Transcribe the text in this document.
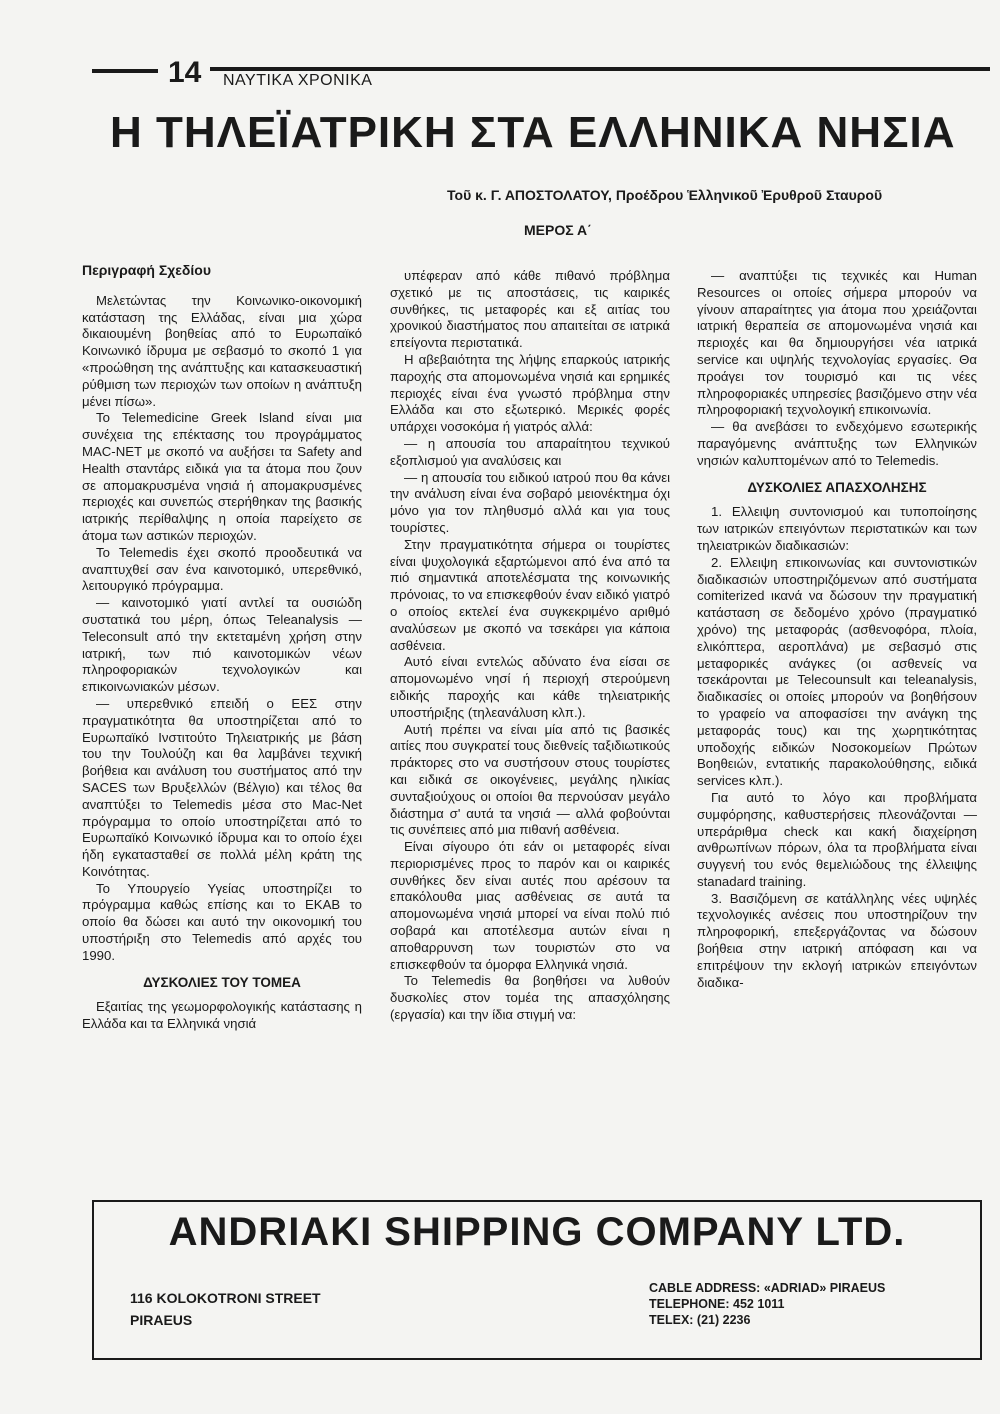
14 ΝΑΥΤΙΚΑ ΧΡΟΝΙΚΑ
Η ΤΗΛΕΪΑΤΡΙΚΗ ΣΤΑ ΕΛΛΗΝΙΚΑ ΝΗΣΙΑ
Τοῦ κ. Γ. ΑΠΟΣΤΟΛΑΤΟΥ, Προέδρου Ἑλληνικοῦ Ἐρυθροῦ Σταυροῦ
ΜΕΡΟΣ Α΄
Περιγραφή Σχεδίου

Μελετώντας την Κοινωνικο-οικονομική κατάσταση της Ελλάδας, είναι μια χώρα δικαιουμένη βοηθείας από το Ευρωπαϊκό Κοινωνικό ίδρυμα με σεβασμό το σκοπό 1 για «προώθηση της ανάπτυξης και κατασκευαστική ρύθμιση των περιοχών των οποίων η ανάπτυξη μένει πίσω».

Το Telemedicine Greek Island είναι μια συνέχεια της επέκτασης του προγράμματος MAC-NET με σκοπό να αυξήσει τα Safety and Health σταντάρς ειδικά για τα άτομα που ζουν σε απομακρυσμένα νησιά ή απομακρυσμένες περιοχές και συνεπώς στερήθηκαν της βασικής ιατρικής περίθαλψης η οποία παρείχετο σε άτομα των αστικών περιοχών.

Το Telemedis έχει σκοπό προοδευτικά να αναπτυχθεί σαν ένα καινοτομικό, υπερεθνικό, λειτουργικό πρόγραμμα.

— καινοτομικό γιατί αντλεί τα ουσιώδη συστατικά του μέρη, όπως Teleanalysis — Teleconsult από την εκτεταμένη χρήση στην ιατρική, των πιό καινοτομικών νέων πληροφοριακών τεχνολογικών και επικοινωνιακών μέσων.

— υπερεθνικό επειδή ο ΕΕΣ στην πραγματικότητα θα υποστηρίζεται από το Ευρωπαϊκό Ινστιτούτο Τηλειατρικής με βάση του την Τουλούζη και θα λαμβάνει τεχνική βοήθεια και ανάλυση του συστήματος από την SACES των Βρυξελλών (Βέλγιο) και τέλος θα αναπτύξει το Telemedis μέσα στο Mac-Net πρόγραμμα το οποίο υποστηρίζεται από το Ευρωπαϊκό Κοινωνικό ίδρυμα και το οποίο έχει ήδη εγκατασταθεί σε πολλά μέλη κράτη της Κοινότητας.

Το Υπουργείο Υγείας υποστηρίζει το πρόγραμμα καθώς επίσης και το ΕΚΑΒ το οποίο θα δώσει και αυτό την οικονομική του υποστήριξη στο Telemedis από αρχές του 1990.

ΔΥΣΚΟΛΙΕΣ ΤΟΥ ΤΟΜΕΑ

Εξαιτίας της γεωμορφολογικής κατάστασης η Ελλάδα και τα Ελληνικά νησιά

υπέφεραν από κάθε πιθανό πρόβλημα σχετικό με τις αποστάσεις, τις καιρικές συνθήκες, τις μεταφορές και εξ αιτίας του χρονικού διαστήματος που απαιτείται σε ιατρικά επείγοντα περιστατικά.

Η αβεβαιότητα της λήψης επαρκούς ιατρικής παροχής στα απομονωμένα νησιά και ερημικές περιοχές είναι ένα γνωστό πρόβλημα στην Ελλάδα και στο εξωτερικό. Μερικές φορές υπάρχει νοσοκόμα ή γιατρός αλλά:

— η απουσία του απαραίτητου τεχνικού εξοπλισμού για αναλύσεις και

— η απουσία του ειδικού ιατρού που θα κάνει την ανάλυση είναι ένα σοβαρό μειονέκτημα όχι μόνο για τον πληθυσμό αλλά και για τους τουρίστες.

Στην πραγματικότητα σήμερα οι τουρίστες είναι ψυχολογικά εξαρτώμενοι από ένα από τα πιό σημαντικά αποτελέσματα της κοινωνικής πρόνοιας, το να επισκεφθούν έναν ειδικό γιατρό ο οποίος εκτελεί ένα συγκεκριμένο αριθμό αναλύσεων με σκοπό να τσεκάρει για κάποια ασθένεια.

Αυτό είναι εντελώς αδύνατο ένα είσαι σε απομονωμένο νησί ή περιοχή στερούμενη ειδικής παροχής και κάθε τηλειατρικής υποστήριξης (τηλεανάλυση κλπ.).

Αυτή πρέπει να είναι μία από τις βασικές αιτίες που συγκρατεί τους διεθνείς ταξιδιωτικούς πράκτορες στο να συστήσουν στους τουρίστες και ειδικά σε οικογένειες, μεγάλης ηλικίας συνταξιούχους οι οποίοι θα περνούσαν μεγάλο διάστημα σ' αυτά τα νησιά — αλλά φοβούνται τις συνέπειες από μια πιθανή ασθένεια.

Είναι σίγουρο ότι εάν οι μεταφορές είναι περιορισμένες προς το παρόν και οι καιρικές συνθήκες δεν είναι αυτές που αρέσουν τα επακόλουθα μιας ασθένειας σε αυτά τα απομονωμένα νησιά μπορεί να είναι πολύ πιό σοβαρά και αποτέλεσμα αυτών είναι η αποθαρρυνση των τουριστών στο να επισκεφθούν τα όμορφα Ελληνικά νησιά.

Το Telemedis θα βοηθήσει να λυθούν δυσκολίες στον τομέα της απασχόλησης (εργασία) και την ίδια στιγμή να:

— αναπτύξει τις τεχνικές και Human Resources οι οποίες σήμερα μπορούν να γίνουν απαραίτητες για άτομα που χρειάζονται ιατρική θεραπεία σε απομονωμένα νησιά και περιοχές και θα δημιουργήσει νέα ιατρικά service και υψηλής τεχνολογίας εργασίες. Θα προάγει τον τουρισμό και τις νέες πληροφοριακές υπηρεσίες βασιζόμενο στην νέα πληροφοριακή τεχνολογική επικοινωνία.

— θα ανεβάσει το ενδεχόμενο εσωτερικής παραγόμενης ανάπτυξης των Ελληνικών νησιών καλυπτομένων από το Telemedis.

ΔΥΣΚΟΛΙΕΣ ΑΠΑΣΧΟΛΗΣΗΣ

1. Ελλειψη συντονισμού και τυποποίησης των ιατρικών επειγόντων περιστατικών και των τηλειατρικών διαδικασιών:

2. Ελλειψη επικοινωνίας και συντονιστικών διαδικασιών υποστηριζόμενων από συστήματα comiterized ικανά να δώσουν την πραγματική κατάσταση σε δεδομένο χρόνο (πραγματικό χρόνο) της μεταφοράς (ασθενοφόρα, πλοία, ελικόπτερα, αεροπλάνα) με σεβασμό στις μεταφορικές ανάγκες (οι ασθενείς να τσεκάρονται με Telecounsult και teleanalysis, διαδικασίες οι οποίες μπορούν να βοηθήσουν το γραφείο να αποφασίσει την ανάγκη της μεταφοράς τους) και της χωρητικότητας υποδοχής ειδικών Νοσοκομείων Πρώτων Βοηθειών, εντατικής παρακολούθησης, ειδικά services κλπ.).

Για αυτό το λόγο και προβλήματα συμφόρησης, καθυστερήσεις πλεονάζονται — υπεράριθμα check και κακή διαχείρηση ανθρωπίνων πόρων, όλα τα προβλήματα είναι συγγενή του ενός θεμελιώδους της έλλειψης stanadard training.

3. Βασιζόμενη σε κατάλληλης νέες υψηλές τεχνολογικές ανέσεις που υποστηρίζουν την πληροφορική, επεξεργάζοντας να δώσουν βοήθεια στην ιατρική απόφαση και να επιτρέψουν την εκλογή ιατρικών επειγόντων διαδικα-

ANDRIAKI SHIPPING COMPANY LTD.
116 KOLOKOTRONI STREET
PIRAEUS
CABLE ADDRESS: «ADRIAD» PIRAEUS
TELEPHONE: 452 1011
TELEX: (21) 2236
